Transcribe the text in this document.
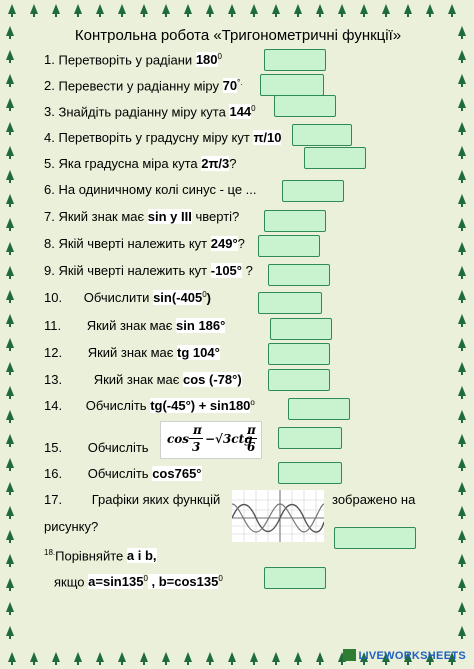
Контрольна робота «Тригонометричні функції»
1. Перетворіть у радіани $180^0$
2. Перевести у радіанну міру 70°.
3. Знайдіть радіанну міру кута $144^0$
4. Перетворіть у градусну міру кут π/10
5. Яка градусна міра кута 2π/3?
6. На одиничному колі синус - це ...
7. Який знак має sin у III чверті?
8. Якій чверті належить кут 249°?
9. Якій чверті належить кут -105° ?
10. Обчислити $\sin(-405^0)$
11. Який знак має sin 186°
12. Який знак має tg 104°
13. Який знак має cos (-78°)
14. Обчисліть $tg(-45^\circ) + \sin 180^o$
15. Обчисліть
cos
π
3
−√3ctg
π
6
16. Обчисліть cos765°
17. Графіки яких функцій	зображено на
рисунку?
$^{18.}$Порівняйте a i b,
якщо $a=\sin 135^0$ , $b=\cos 135^0$
LIVEWORKSHEETS
